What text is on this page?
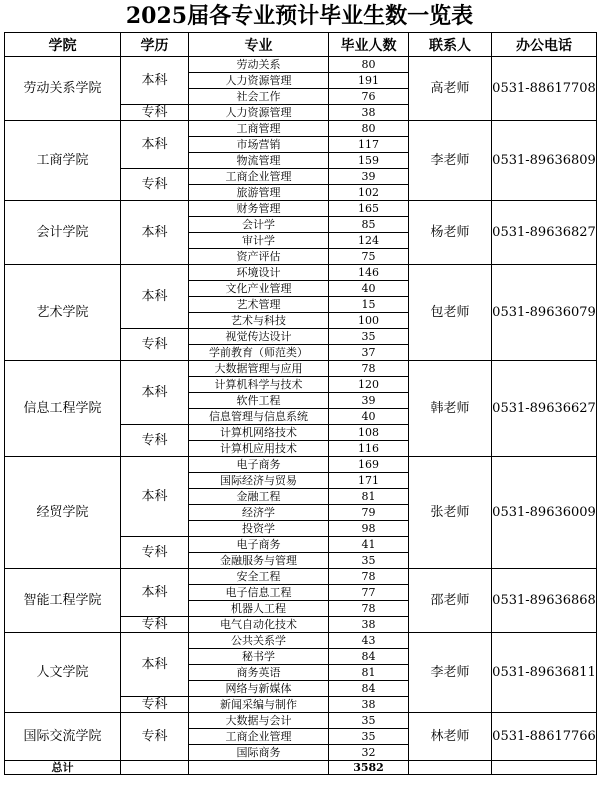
2025届各专业预计毕业生数一览表
学院	学历	专业	毕业人数	联系人	办公电话
劳动关系学院	本科	劳动关系	80	高老师	0531-88617708
		人力资源管理	191		
		社会工作	76		
	专科	人力资源管理	38		
工商学院	本科	工商管理	80	李老师	0531-89636809
		市场营销	117		
		物流管理	159		
	专科	工商企业管理	39		
		旅游管理	102		
会计学院	本科	财务管理	165	杨老师	0531-89636827
		会计学	85		
		审计学	124		
		资产评估	75		
艺术学院	本科	环境设计	146	包老师	0531-89636079
		文化产业管理	40		
		艺术管理	15		
		艺术与科技	100		
	专科	视觉传达设计	35		
		学前教育（师范类）	37		
信息工程学院	本科	大数据管理与应用	78	韩老师	0531-89636627
		计算机科学与技术	120		
		软件工程	39		
		信息管理与信息系统	40		
	专科	计算机网络技术	108		
		计算机应用技术	116		
经贸学院	本科	电子商务	169	张老师	0531-89636009
		国际经济与贸易	171		
		金融工程	81		
		经济学	79		
		投资学	98		
	专科	电子商务	41		
		金融服务与管理	35		
智能工程学院	本科	安全工程	78	邵老师	0531-89636868
		电子信息工程	77		
		机器人工程	78		
	专科	电气自动化技术	38		
人文学院	本科	公共关系学	43	李老师	0531-89636811
		秘书学	84		
		商务英语	81		
		网络与新媒体	84		
	专科	新闻采编与制作	38		
国际交流学院	专科	大数据与会计	35	林老师	0531-88617766
		工商企业管理	35		
		国际商务	32		
总计			3582		
